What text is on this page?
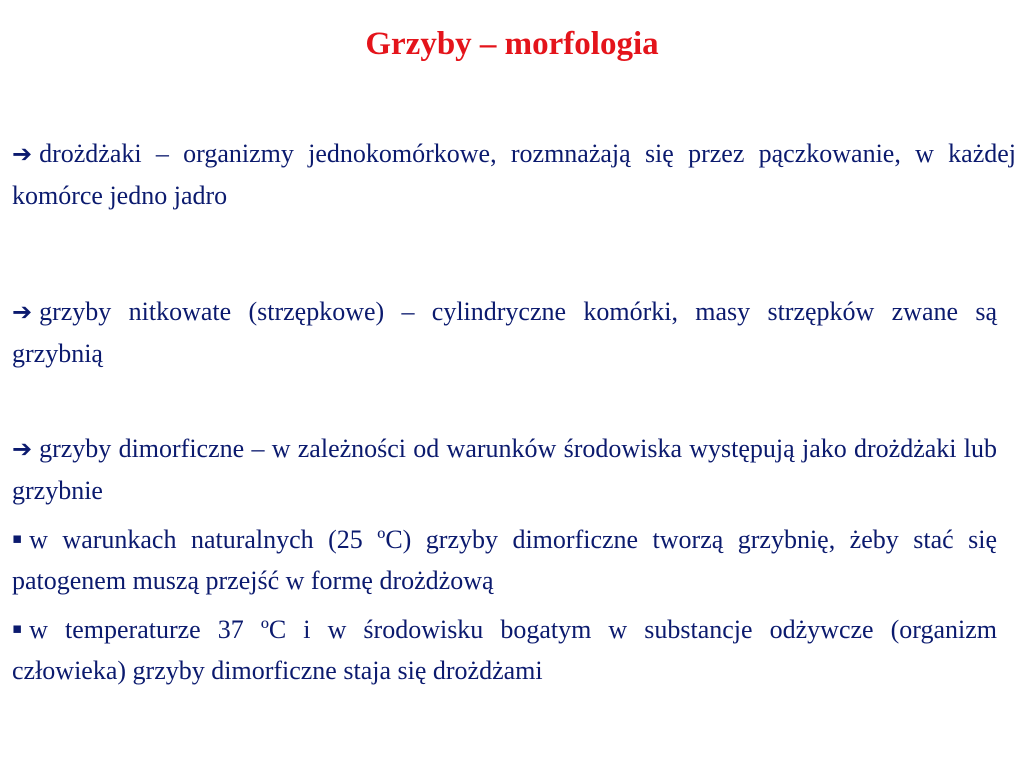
Grzyby – morfologia
➔ drożdżaki – organizmy jednokomórkowe, rozmnażają się przez pączkowanie, w każdej komórce jedno jadro
➔ grzyby nitkowate (strzępkowe) – cylindryczne komórki, masy strzępków zwane są grzybnią
➔ grzyby dimorficzne – w zależności od warunków środowiska występują jako drożdżaki lub grzybnie
▪ w warunkach naturalnych (25 ºC) grzyby dimorficzne tworzą grzybnię, żeby stać się patogenem muszą przejść w formę drożdżową
▪ w temperaturze 37 ºC i w środowisku bogatym w substancje odżywcze (organizm człowieka) grzyby dimorficzne staja się drożdżami
